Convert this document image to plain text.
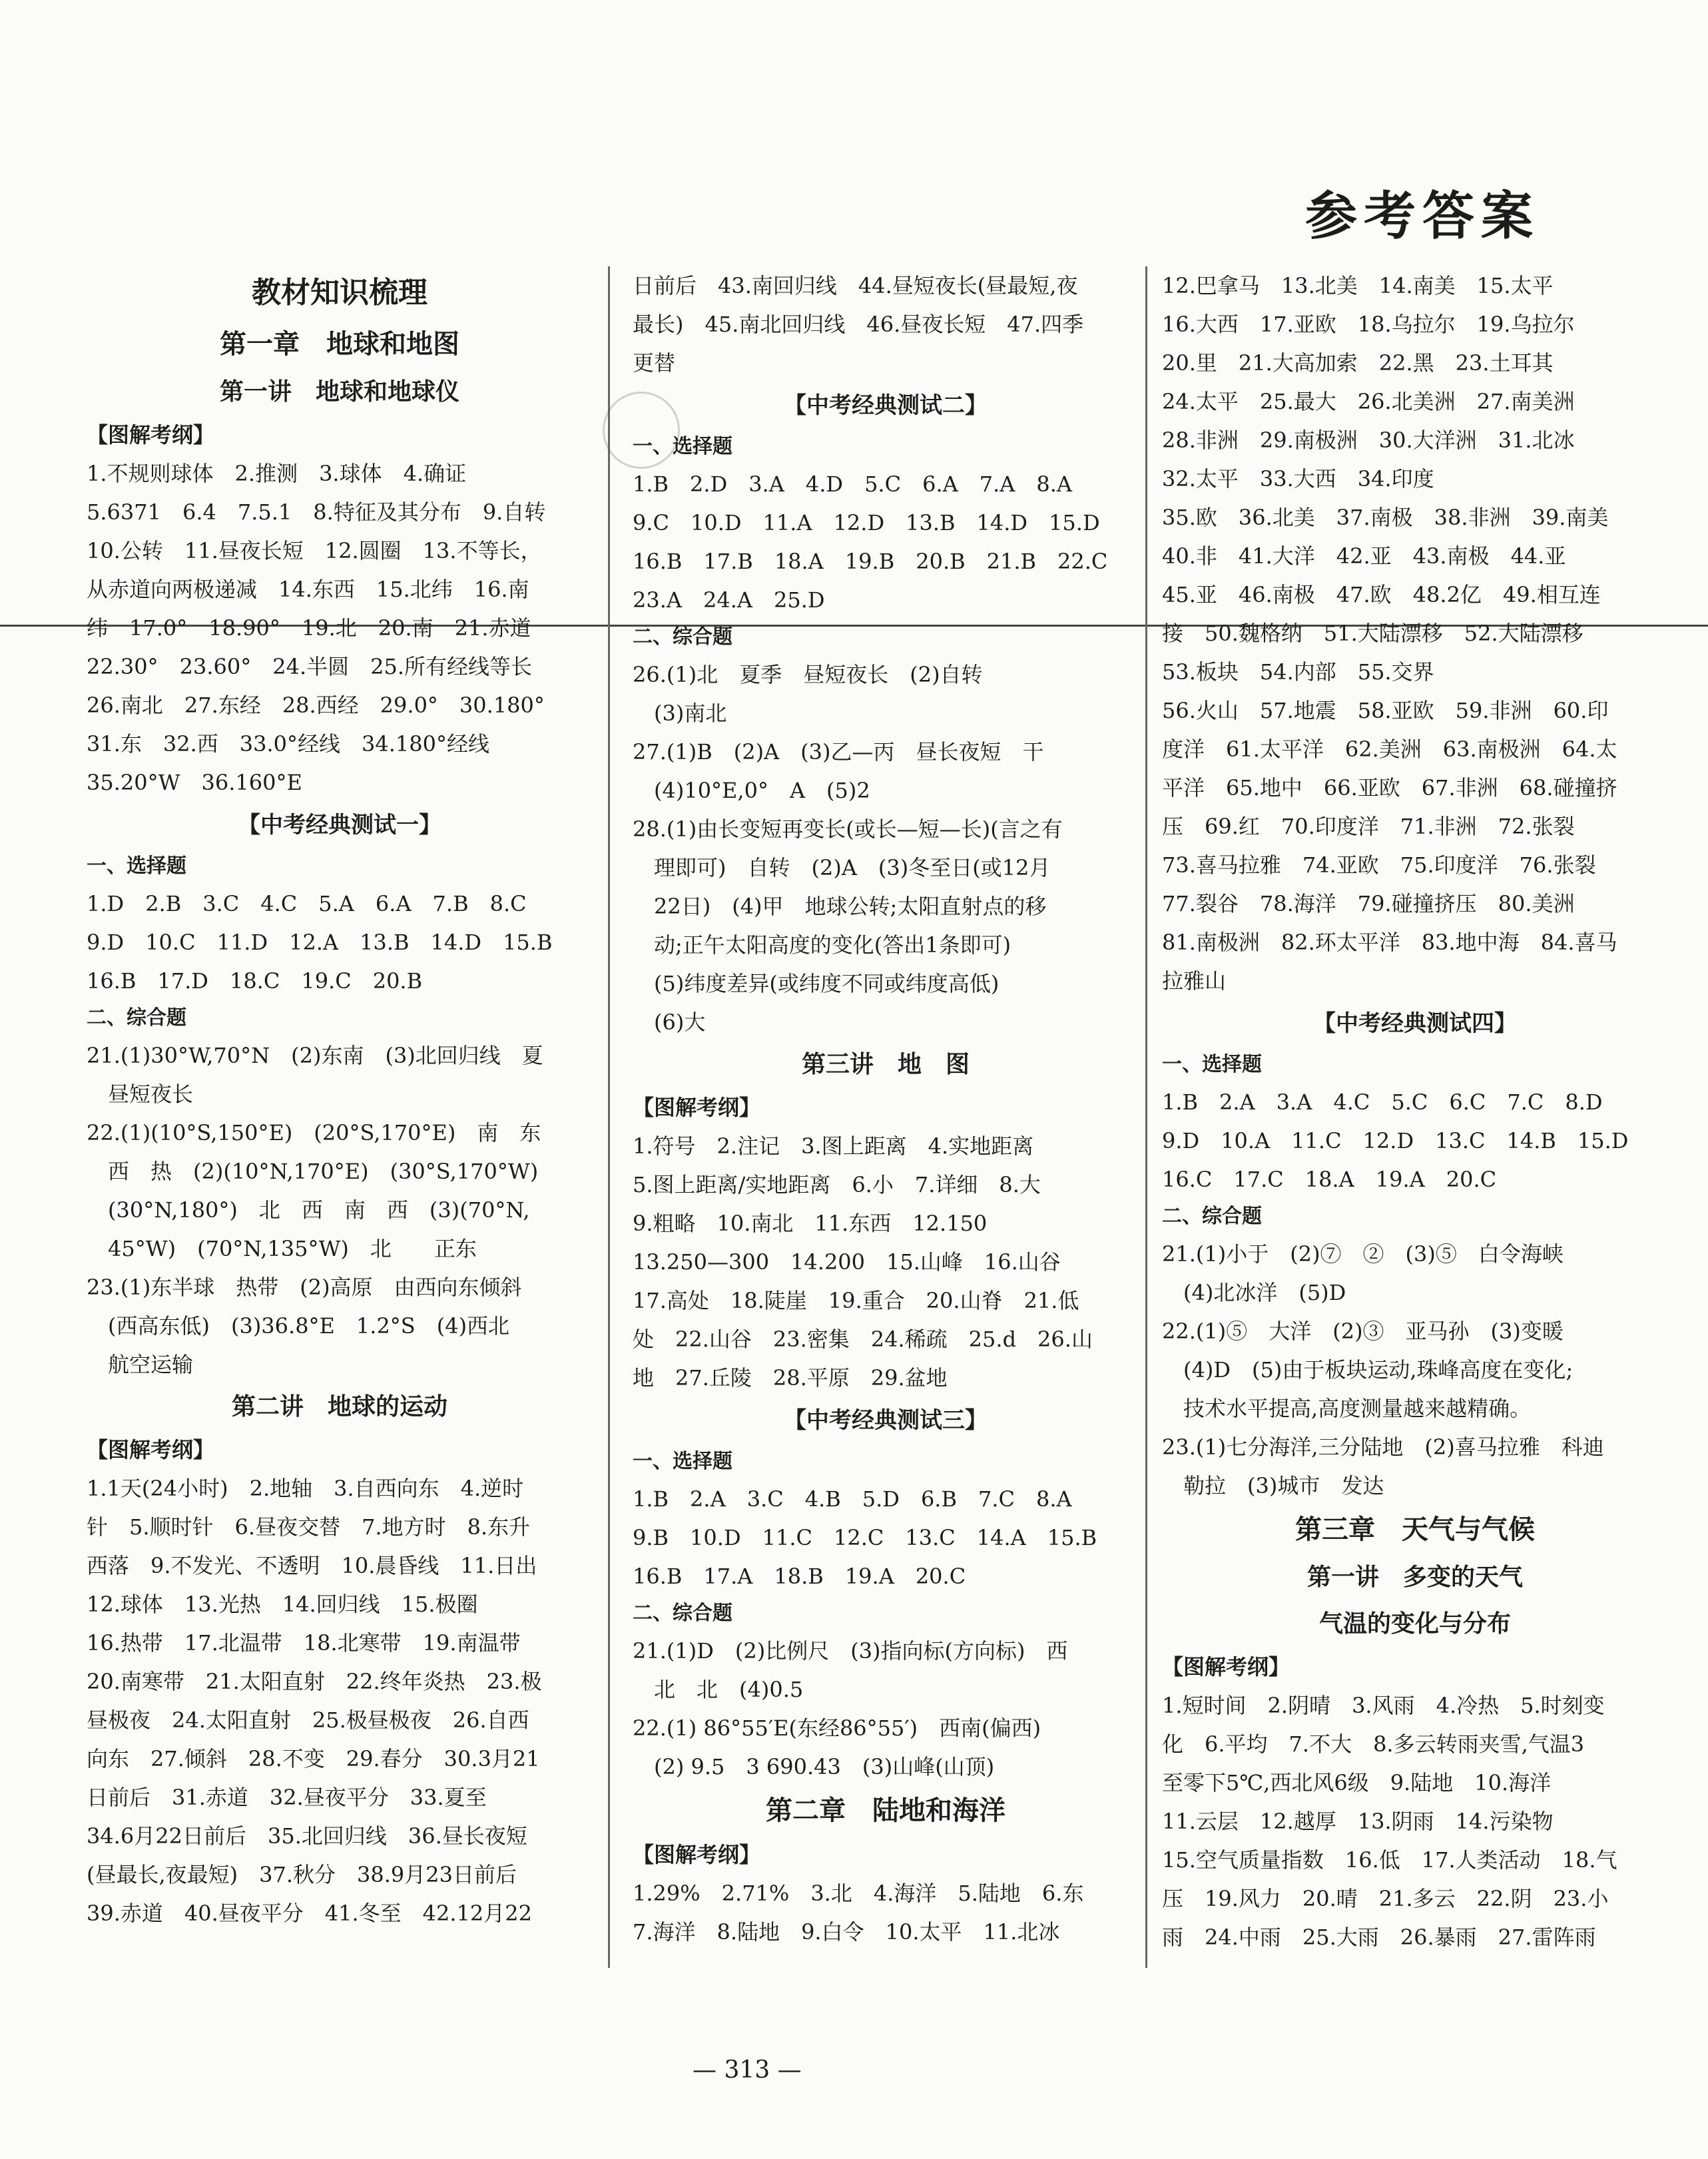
参考答案
教材知识梳理
第一章　地球和地图
第一讲　地球和地球仪
【图解考纲】
1.不规则球体　2.推测　3.球体　4.确证
5.6371　6.4　7.5.1　8.特征及其分布　9.自转
10.公转　11.昼夜长短　12.圆圈　13.不等长，
从赤道向两极递减　14.东西　15.北纬　16.南
纬　17.0°　18.90°　19.北　20.南　21.赤道
22.30°　23.60°　24.半圆　25.所有经线等长
26.南北　27.东经　28.西经　29.0°　30.180°
31.东　32.西　33.0°经线　34.180°经线
35.20°W　36.160°E
【中考经典测试一】
一、选择题
1.D　2.B　3.C　4.C　5.A　6.A　7.B　8.C
9.D　10.C　11.D　12.A　13.B　14.D　15.B
16.B　17.D　18.C　19.C　20.B
二、综合题
21.(1)30°W,70°N　(2)东南　(3)北回归线　夏
　昼短夜长
22.(1)(10°S,150°E)　(20°S,170°E)　南　东
　西　热　(2)(10°N,170°E)　(30°S,170°W)
　(30°N,180°)　北　西　南　西　(3)(70°N,
　45°W)　(70°N,135°W)　北　　正东
23.(1)东半球　热带　(2)高原　由西向东倾斜
　(西高东低)　(3)36.8°E　1.2°S　(4)西北
　航空运输
第二讲　地球的运动
【图解考纲】
1.1天(24小时)　2.地轴　3.自西向东　4.逆时
针　5.顺时针　6.昼夜交替　7.地方时　8.东升
西落　9.不发光、不透明　10.晨昏线　11.日出
12.球体　13.光热　14.回归线　15.极圈
16.热带　17.北温带　18.北寒带　19.南温带
20.南寒带　21.太阳直射　22.终年炎热　23.极
昼极夜　24.太阳直射　25.极昼极夜　26.自西
向东　27.倾斜　28.不变　29.春分　30.3月21
日前后　31.赤道　32.昼夜平分　33.夏至
34.6月22日前后　35.北回归线　36.昼长夜短
(昼最长,夜最短)　37.秋分　38.9月23日前后
39.赤道　40.昼夜平分　41.冬至　42.12月22
日前后　43.南回归线　44.昼短夜长(昼最短,夜
最长)　45.南北回归线　46.昼夜长短　47.四季
更替
【中考经典测试二】
一、选择题
1.B　2.D　3.A　4.D　5.C　6.A　7.A　8.A
9.C　10.D　11.A　12.D　13.B　14.D　15.D
16.B　17.B　18.A　19.B　20.B　21.B　22.C
23.A　24.A　25.D
二、综合题
26.(1)北　夏季　昼短夜长　(2)自转
　(3)南北
27.(1)B　(2)A　(3)乙—丙　昼长夜短　干
　(4)10°E,0°　A　(5)2
28.(1)由长变短再变长(或长—短—长)(言之有
　理即可)　自转　(2)A　(3)冬至日(或12月
　22日)　(4)甲　地球公转;太阳直射点的移
　动;正午太阳高度的变化(答出1条即可)
　(5)纬度差异(或纬度不同或纬度高低)
　(6)大
第三讲　地　图
【图解考纲】
1.符号　2.注记　3.图上距离　4.实地距离
5.图上距离/实地距离　6.小　7.详细　8.大
9.粗略　10.南北　11.东西　12.150
13.250—300　14.200　15.山峰　16.山谷
17.高处　18.陡崖　19.重合　20.山脊　21.低
处　22.山谷　23.密集　24.稀疏　25.d　26.山
地　27.丘陵　28.平原　29.盆地
【中考经典测试三】
一、选择题
1.B　2.A　3.C　4.B　5.D　6.B　7.C　8.A
9.B　10.D　11.C　12.C　13.C　14.A　15.B
16.B　17.A　18.B　19.A　20.C
二、综合题
21.(1)D　(2)比例尺　(3)指向标(方向标)　西
　北　北　(4)0.5
22.(1) 86°55′E(东经86°55′)　西南(偏西)
　(2) 9.5　3 690.43　(3)山峰(山顶)
第二章　陆地和海洋
【图解考纲】
1.29%　2.71%　3.北　4.海洋　5.陆地　6.东
7.海洋　8.陆地　9.白令　10.太平　11.北冰
12.巴拿马　13.北美　14.南美　15.太平
16.大西　17.亚欧　18.乌拉尔　19.乌拉尔
20.里　21.大高加索　22.黑　23.土耳其
24.太平　25.最大　26.北美洲　27.南美洲
28.非洲　29.南极洲　30.大洋洲　31.北冰
32.太平　33.大西　34.印度
35.欧　36.北美　37.南极　38.非洲　39.南美
40.非　41.大洋　42.亚　43.南极　44.亚
45.亚　46.南极　47.欧　48.2亿　49.相互连
接　50.魏格纳　51.大陆漂移　52.大陆漂移
53.板块　54.内部　55.交界
56.火山　57.地震　58.亚欧　59.非洲　60.印
度洋　61.太平洋　62.美洲　63.南极洲　64.太
平洋　65.地中　66.亚欧　67.非洲　68.碰撞挤
压　69.红　70.印度洋　71.非洲　72.张裂
73.喜马拉雅　74.亚欧　75.印度洋　76.张裂
77.裂谷　78.海洋　79.碰撞挤压　80.美洲
81.南极洲　82.环太平洋　83.地中海　84.喜马
拉雅山
【中考经典测试四】
一、选择题
1.B　2.A　3.A　4.C　5.C　6.C　7.C　8.D
9.D　10.A　11.C　12.D　13.C　14.B　15.D
16.C　17.C　18.A　19.A　20.C
二、综合题
21.(1)小于　(2)⑦　②　(3)⑤　白令海峡
　(4)北冰洋　(5)D
22.(1)⑤　大洋　(2)③　亚马孙　(3)变暖
　(4)D　(5)由于板块运动,珠峰高度在变化;
　技术水平提高,高度测量越来越精确。
23.(1)七分海洋,三分陆地　(2)喜马拉雅　科迪
　勒拉　(3)城市　发达
第三章　天气与气候
第一讲　多变的天气
气温的变化与分布
【图解考纲】
1.短时间　2.阴晴　3.风雨　4.冷热　5.时刻变
化　6.平均　7.不大　8.多云转雨夹雪,气温3
至零下5℃,西北风6级　9.陆地　10.海洋
11.云层　12.越厚　13.阴雨　14.污染物
15.空气质量指数　16.低　17.人类活动　18.气
压　19.风力　20.晴　21.多云　22.阴　23.小
雨　24.中雨　25.大雨　26.暴雨　27.雷阵雨
— 313 —
